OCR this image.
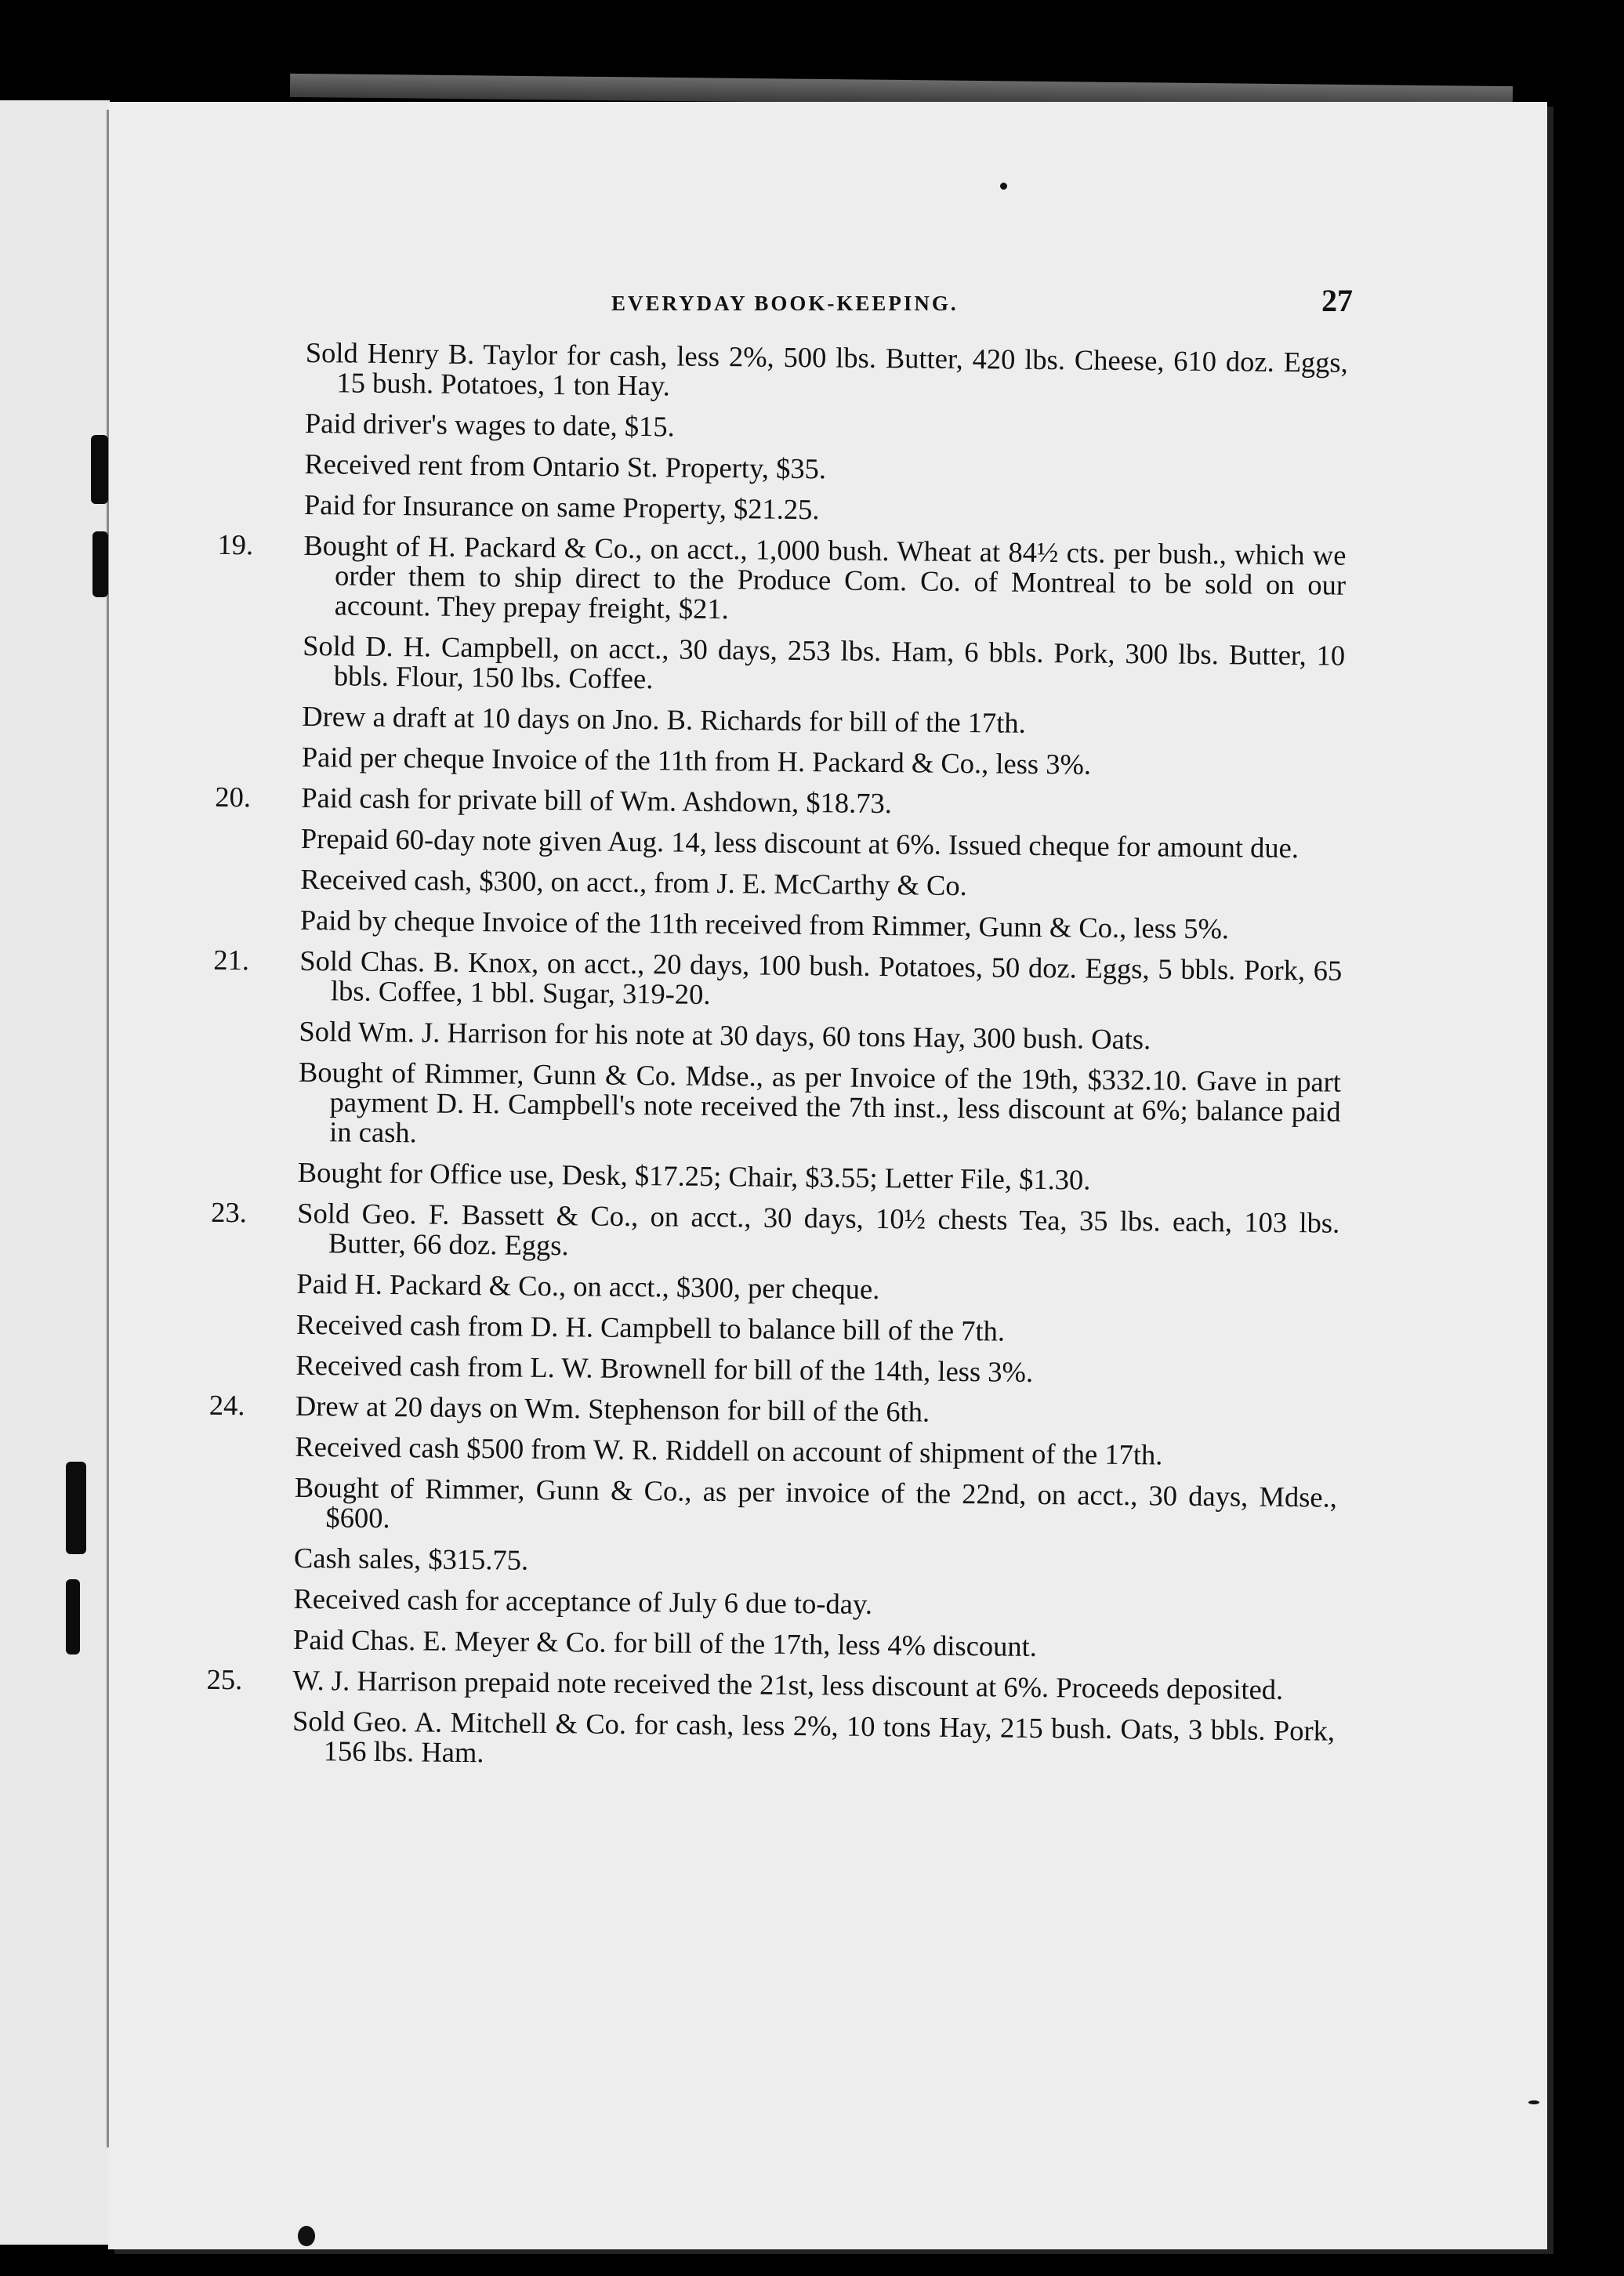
EVERYDAY BOOK-KEEPING.	27
Sold Henry B. Taylor for cash, less 2%, 500 lbs. Butter, 420 lbs. Cheese, 610 doz. Eggs, 15 bush. Potatoes, 1 ton Hay.
Paid driver's wages to date, $15.
Received rent from Ontario St. Property, $35.
Paid for Insurance on same Property, $21.25.
19.	Bought of H. Packard & Co., on acct., 1,000 bush. Wheat at 84½ cts. per bush., which we order them to ship direct to the Produce Com. Co. of Montreal to be sold on our account. They prepay freight, $21.
Sold D. H. Campbell, on acct., 30 days, 253 lbs. Ham, 6 bbls. Pork, 300 lbs. Butter, 10 bbls. Flour, 150 lbs. Coffee.
Drew a draft at 10 days on Jno. B. Richards for bill of the 17th.
Paid per cheque Invoice of the 11th from H. Packard & Co., less 3%.
20.	Paid cash for private bill of Wm. Ashdown, $18.73.
Prepaid 60-day note given Aug. 14, less discount at 6%. Issued cheque for amount due.
Received cash, $300, on acct., from J. E. McCarthy & Co.
Paid by cheque Invoice of the 11th received from Rimmer, Gunn & Co., less 5%.
21.	Sold Chas. B. Knox, on acct., 20 days, 100 bush. Potatoes, 50 doz. Eggs, 5 bbls. Pork, 65 lbs. Coffee, 1 bbl. Sugar, 319-20.
Sold Wm. J. Harrison for his note at 30 days, 60 tons Hay, 300 bush. Oats.
Bought of Rimmer, Gunn & Co. Mdse., as per Invoice of the 19th, $332.10. Gave in part payment D. H. Campbell's note received the 7th inst., less discount at 6%; balance paid in cash.
Bought for Office use, Desk, $17.25; Chair, $3.55; Letter File, $1.30.
23.	Sold Geo. F. Bassett & Co., on acct., 30 days, 10½ chests Tea, 35 lbs. each, 103 lbs. Butter, 66 doz. Eggs.
Paid H. Packard & Co., on acct., $300, per cheque.
Received cash from D. H. Campbell to balance bill of the 7th.
Received cash from L. W. Brownell for bill of the 14th, less 3%.
24.	Drew at 20 days on Wm. Stephenson for bill of the 6th.
Received cash $500 from W. R. Riddell on account of shipment of the 17th.
Bought of Rimmer, Gunn & Co., as per invoice of the 22nd, on acct., 30 days, Mdse., $600.
Cash sales, $315.75.
Received cash for acceptance of July 6 due to-day.
Paid Chas. E. Meyer & Co. for bill of the 17th, less 4% discount.
25.	W. J. Harrison prepaid note received the 21st, less discount at 6%. Proceeds deposited.
Sold Geo. A. Mitchell & Co. for cash, less 2%, 10 tons Hay, 215 bush. Oats, 3 bbls. Pork, 156 lbs. Ham.
